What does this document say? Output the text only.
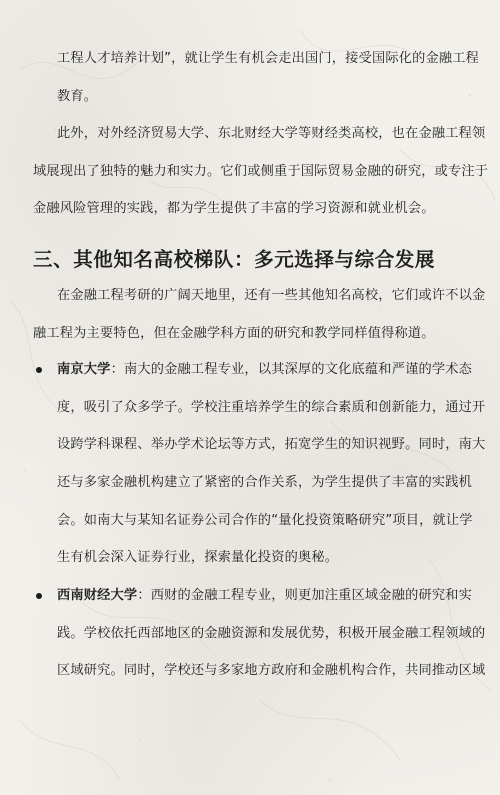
工程人才培养计划”，就让学生有机会走出国门，接受国际化的金融工程
教育。
此外，对外经济贸易大学、东北财经大学等财经类高校，也在金融工程领
域展现出了独特的魅力和实力。它们或侧重于国际贸易金融的研究，或专注于
金融风险管理的实践，都为学生提供了丰富的学习资源和就业机会。
三、其他知名高校梯队：多元选择与综合发展
在金融工程考研的广阔天地里，还有一些其他知名高校，它们或许不以金
融工程为主要特色，但在金融学科方面的研究和教学同样值得称道。
南京大学：南大的金融工程专业，以其深厚的文化底蕴和严谨的学术态
度，吸引了众多学子。学校注重培养学生的综合素质和创新能力，通过开
设跨学科课程、举办学术论坛等方式，拓宽学生的知识视野。同时，南大
还与多家金融机构建立了紧密的合作关系，为学生提供了丰富的实践机
会。如南大与某知名证券公司合作的“量化投资策略研究”项目，就让学
生有机会深入证券行业，探索量化投资的奥秘。
西南财经大学：西财的金融工程专业，则更加注重区域金融的研究和实
践。学校依托西部地区的金融资源和发展优势，积极开展金融工程领域的
区域研究。同时，学校还与多家地方政府和金融机构合作，共同推动区域
